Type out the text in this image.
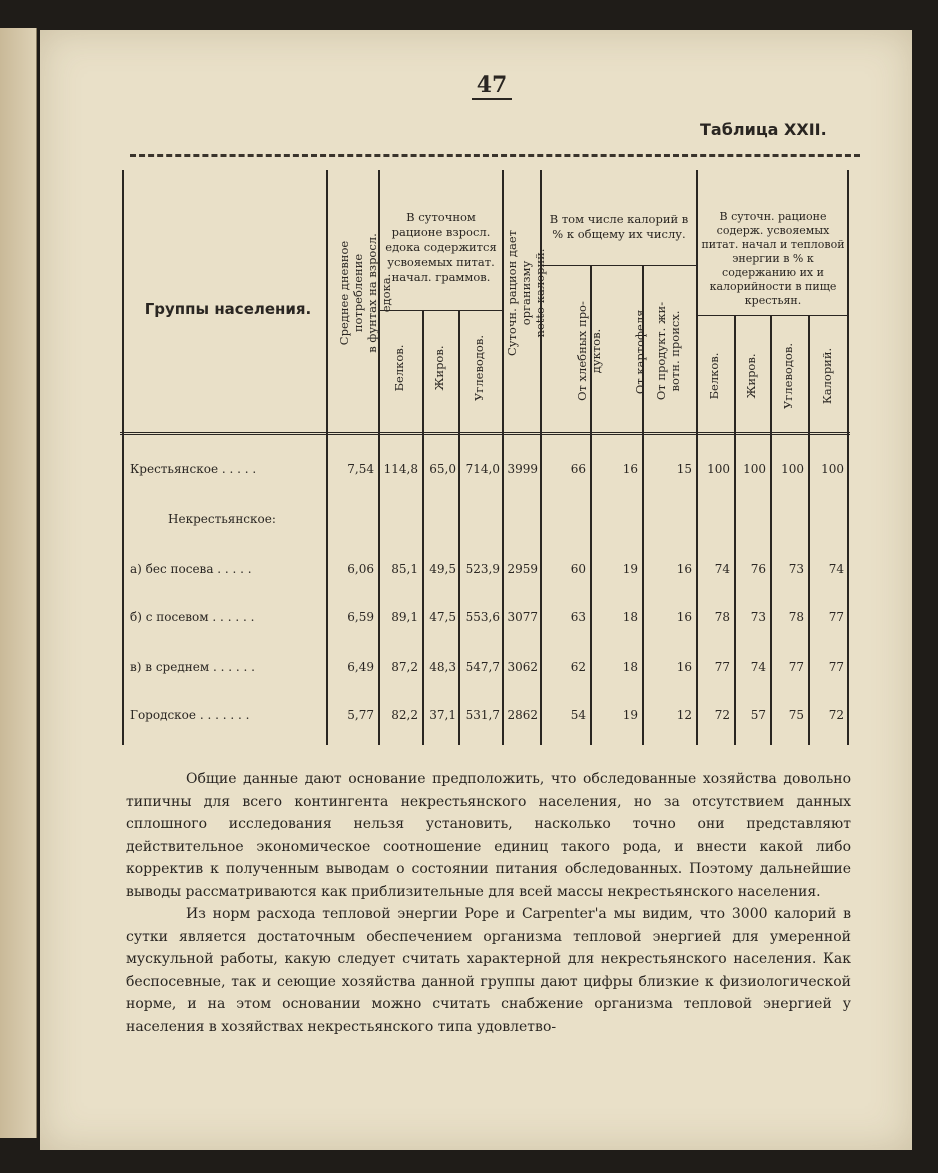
47
Таблица XXII.
Группы населения.	Среднее дневное потребление
в фунтах на взросл. едока.
В суточном рационе взросл. едока содержится усвояемых питат. начал. граммов.
Белков. Жиров. Углеводов.
Суточн. рацион дает организму
netto-калорий.
В том числе калорий в % к общему их числу.
От хлебных про-
дуктов.	От картофеля. От продукт. жи-
вотн. происх.
В суточн. рационе содерж. усвояемых питат. начал и тепловой энергии в % к содержанию их и калорийности в пище крестьян.
Белков. Жиров. Углеводов. Калорий.
Крестьянское . . . . .	7,54 114,8 65,0 714,0 3999	66	16	15 100 100 100 100
Некрестьянское:
а) бес посева . . . . .	6,06 85,1 49,5 523,9 2959	60	19	16 74 76 73 74
б) с посевом . . . . . .	6,59 89,1 47,5 553,6 3077	63	18	16 78 73 78 77
в) в среднем . . . . . .	6,49 87,2 48,3 547,7 3062	62	18	16 77 74 77 77
Городское . . . . . . .	5,77 82,2 37,1 531,7 2862	54	19	12 72 57 75 72

Общие данные дают основание предположить, что обследованные хозяйства довольно типичны для всего контингента некрестьянского населения, но за отсутствием данных сплошного исследования нельзя установить, насколько точно они представляют действительное экономическое соотношение единиц такого рода, и внести какой либо корректив к полученным выводам о состоянии питания обследованных. Поэтому дальнейшие выводы рассматриваются как приблизительные для всей массы некрестьянского населения.

Из норм расхода тепловой энергии Pope и Carpenter'a мы видим, что 3000 калорий в сутки является достаточным обеспечением организма тепловой энергией для умеренной мускульной работы, какую следует считать характерной для некрестьянского населения. Как беспосевные, так и сеющие хозяйства данной группы дают цифры близкие к физиологической норме, и на этом основании можно считать снабжение организма тепловой энергией у населения в хозяйствах некрестьянского типа удовлетво-
